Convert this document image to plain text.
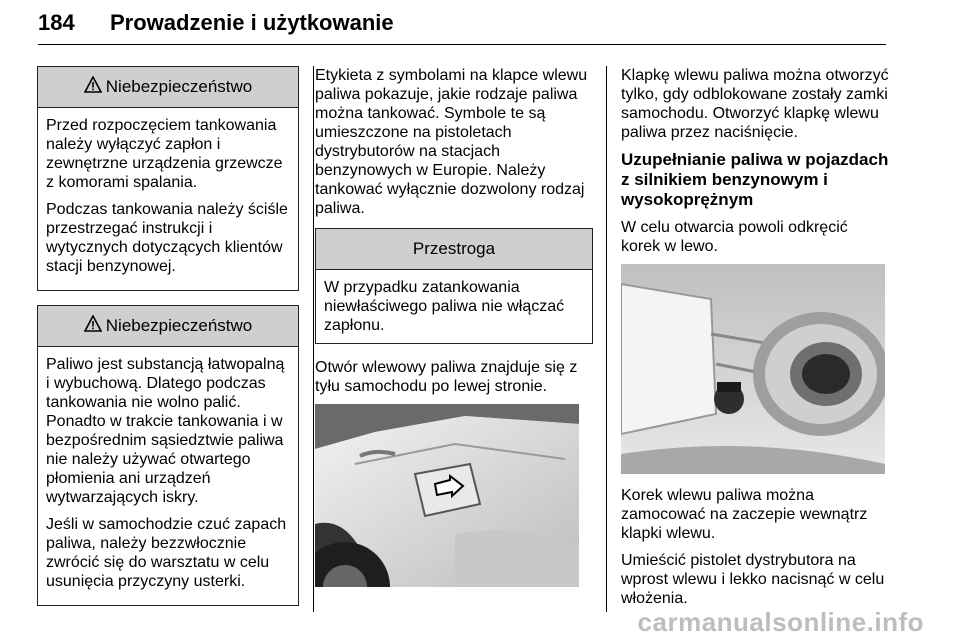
184 Prowadzenie i użytkowanie
Niebezpieczeństwo

Przed rozpoczęciem tankowania należy wyłączyć zapłon i zewnętrzne urządzenia grzewcze z komorami spalania.

Podczas tankowania należy ściśle przestrzegać instrukcji i wytycznych dotyczących klientów stacji benzynowej.

Niebezpieczeństwo

Paliwo jest substancją łatwopalną i wybuchową. Dlatego podczas tankowania nie wolno palić. Ponadto w trakcie tankowania i w bezpośrednim sąsiedztwie paliwa nie należy używać otwartego płomienia ani urządzeń wytwarzających iskry.

Jeśli w samochodzie czuć zapach paliwa, należy bezzwłocznie zwrócić się do warsztatu w celu usunięcia przyczyny usterki.

Etykieta z symbolami na klapce wlewu paliwa pokazuje, jakie rodzaje paliwa można tankować. Symbole te są umieszczone na pistoletach dystrybutorów na stacjach benzynowych w Europie. Należy tankować wyłącznie dozwolony rodzaj paliwa.

Przestroga

W przypadku zatankowania niewłaściwego paliwa nie włączać zapłonu.

Otwór wlewowy paliwa znajduje się z tyłu samochodu po lewej stronie.

Klapkę wlewu paliwa można otworzyć tylko, gdy odblokowane zostały zamki samochodu. Otworzyć klapkę wlewu paliwa przez naciśnięcie.

Uzupełnianie paliwa w pojazdach z silnikiem benzynowym i wysokoprężnym

W celu otwarcia powoli odkręcić korek w lewo.

Korek wlewu paliwa można zamocować na zaczepie wewnątrz klapki wlewu.

Umieścić pistolet dystrybutora na wprost wlewu i lekko nacisnąć w celu włożenia.

carmanualsonline.info
